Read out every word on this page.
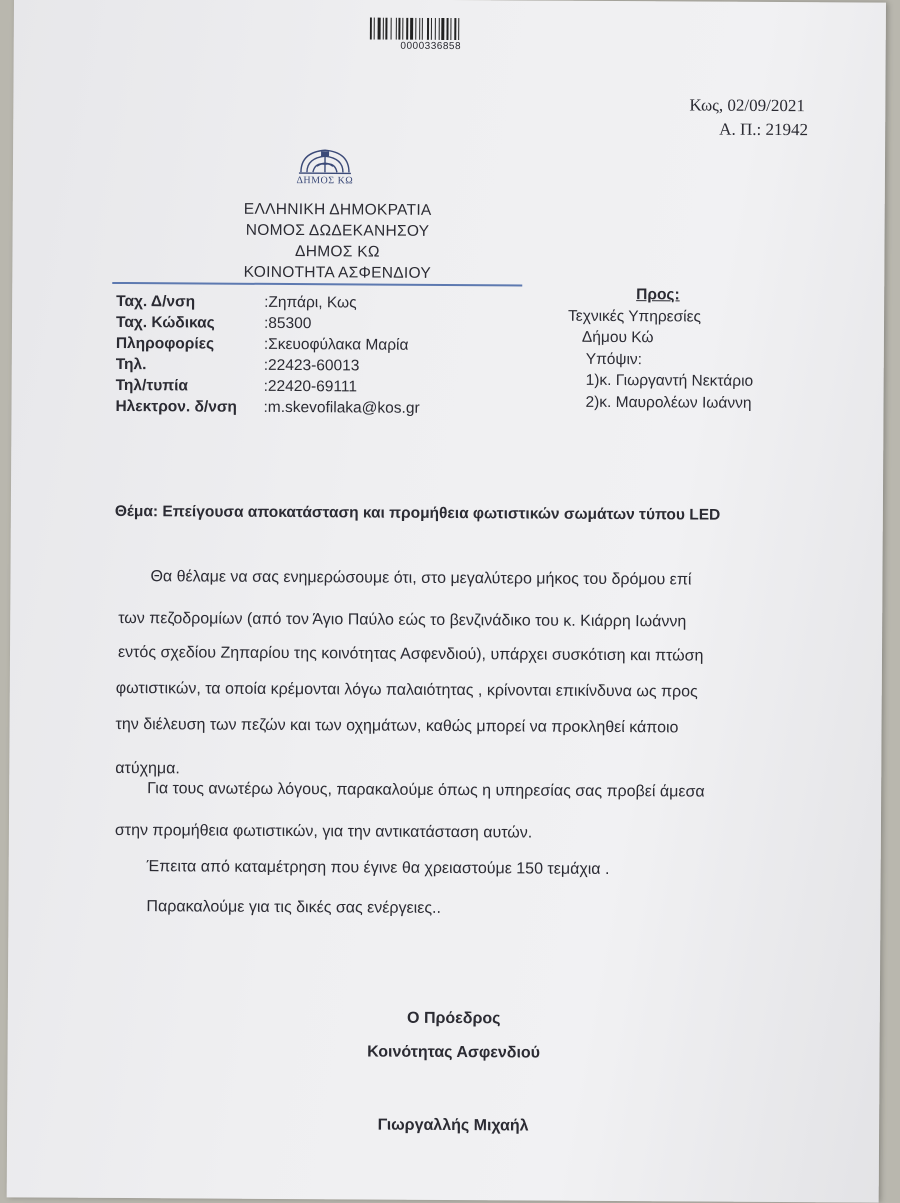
0000336858
Κως, 02/09/2021
Α. Π.: 21942
ΔΗΜΟΣ ΚΩ
ΕΛΛΗΝΙΚΗ ΔΗΜΟΚΡΑΤΙΑ
ΝΟΜΟΣ ΔΩΔΕΚΑΝΗΣΟΥ
ΔΗΜΟΣ ΚΩ
ΚΟΙΝΟΤΗΤΑ ΑΣΦΕΝΔΙΟΥ
Ταχ. Δ/νση	:Ζηπάρι, Κως
Ταχ. Κώδικας	:85300
Πληροφορίες	:Σκευοφύλακα Μαρία
Τηλ.	:22423-60013
Τηλ/τυπία	:22420-69111
Ηλεκτρον. δ/νση :m.skevofilaka@kos.gr
Προς:
Τεχνικές Υπηρεσίες
Δήμου Κώ
Υπόψιν:
1)κ. Γιωργαντή Νεκτάριο
2)κ. Μαυρολέων Ιωάννη
Θέμα: Επείγουσα αποκατάσταση και προμήθεια φωτιστικών σωμάτων τύπου LED
Θα θέλαμε να σας ενημερώσουμε ότι, στο μεγαλύτερο μήκος του δρόμου επί
των πεζοδρομίων (από τον Άγιο Παύλο εώς το βενζινάδικο του κ. Κιάρρη Ιωάννη
εντός σχεδίου Ζηπαρίου της κοινότητας Ασφενδιού), υπάρχει συσκότιση και πτώση
φωτιστικών, τα οποία κρέμονται λόγω παλαιότητας , κρίνονται επικίνδυνα ως προς
την διέλευση των πεζών και των οχημάτων, καθώς μπορεί να προκληθεί κάποιο
ατύχημα.
Για τους ανωτέρω λόγους, παρακαλούμε όπως η υπηρεσίας σας προβεί άμεσα
στην προμήθεια φωτιστικών, για την αντικατάσταση αυτών.
Έπειτα από καταμέτρηση που έγινε θα χρειαστούμε 150 τεμάχια .
Παρακαλούμε για τις δικές σας ενέργειες..
Ο Πρόεδρος
Κοινότητας Ασφενδιού
Γιωργαλλής Μιχαήλ
